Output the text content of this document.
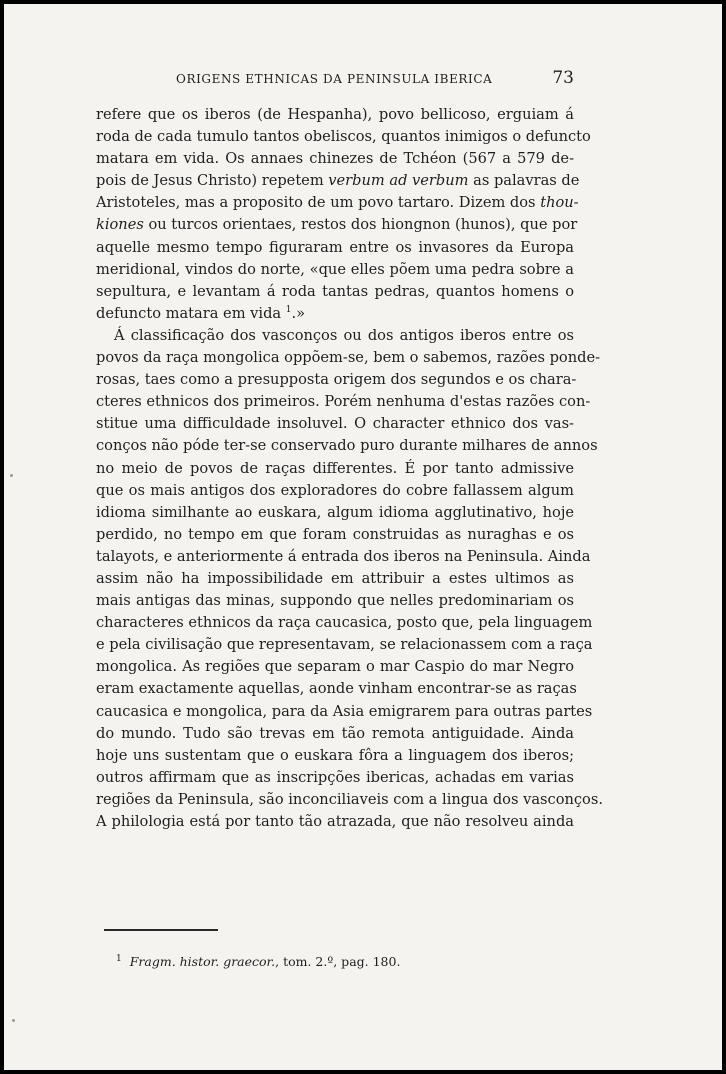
ORIGENS ETHNICAS DA PENINSULA IBERICA	73
refere que os iberos (de Hespanha), povo bellicoso, erguiam á
roda de cada tumulo tantos obeliscos, quantos inimigos o defuncto
matara em vida. Os annaes chinezes de Tchéon (567 a 579 de-
pois de Jesus Christo) repetem verbum ad verbum as palavras de
Aristoteles, mas a proposito de um povo tartaro. Dizem dos thou-
kiones ou turcos orientaes, restos dos hiongnon (hunos), que por
aquelle mesmo tempo figuraram entre os invasores da Europa
meridional, vindos do norte, «que elles põem uma pedra sobre a
sepultura, e levantam á roda tantas pedras, quantos homens o
defuncto matara em vida $^1$.»
Á classificação dos vasconços ou dos antigos iberos entre os
povos da raça mongolica oppõem-se, bem o sabemos, razões ponde-
rosas, taes como a presupposta origem dos segundos e os chara-
cteres ethnicos dos primeiros. Porém nenhuma d'estas razões con-
stitue uma difficuldade insoluvel. O character ethnico dos vas-
conços não póde ter-se conservado puro durante milhares de annos
no meio de povos de raças differentes. É por tanto admissive
que os mais antigos dos exploradores do cobre fallassem algum
idioma similhante ao euskara, algum idioma agglutinativo, hoje
perdido, no tempo em que foram construidas as nuraghas e os
talayots, e anteriormente á entrada dos iberos na Peninsula. Ainda
assim não ha impossibilidade em attribuir a estes ultimos as
mais antigas das minas, suppondo que nelles predominariam os
characteres ethnicos da raça caucasica, posto que, pela linguagem
e pela civilisação que representavam, se relacionassem com a raça
mongolica. As regiões que separam o mar Caspio do mar Negro
eram exactamente aquellas, aonde vinham encontrar-se as raças
caucasica e mongolica, para da Asia emigrarem para outras partes
do mundo. Tudo são trevas em tão remota antiguidade. Ainda
hoje uns sustentam que o euskara fôra a linguagem dos iberos;
outros affirmam que as inscripções ibericas, achadas em varias
regiões da Peninsula, são inconciliaveis com a lingua dos vasconços.
A philologia está por tanto tão atrazada, que não resolveu ainda
$^1$ Fragm. histor. graecor., tom. 2.º, pag. 180.
